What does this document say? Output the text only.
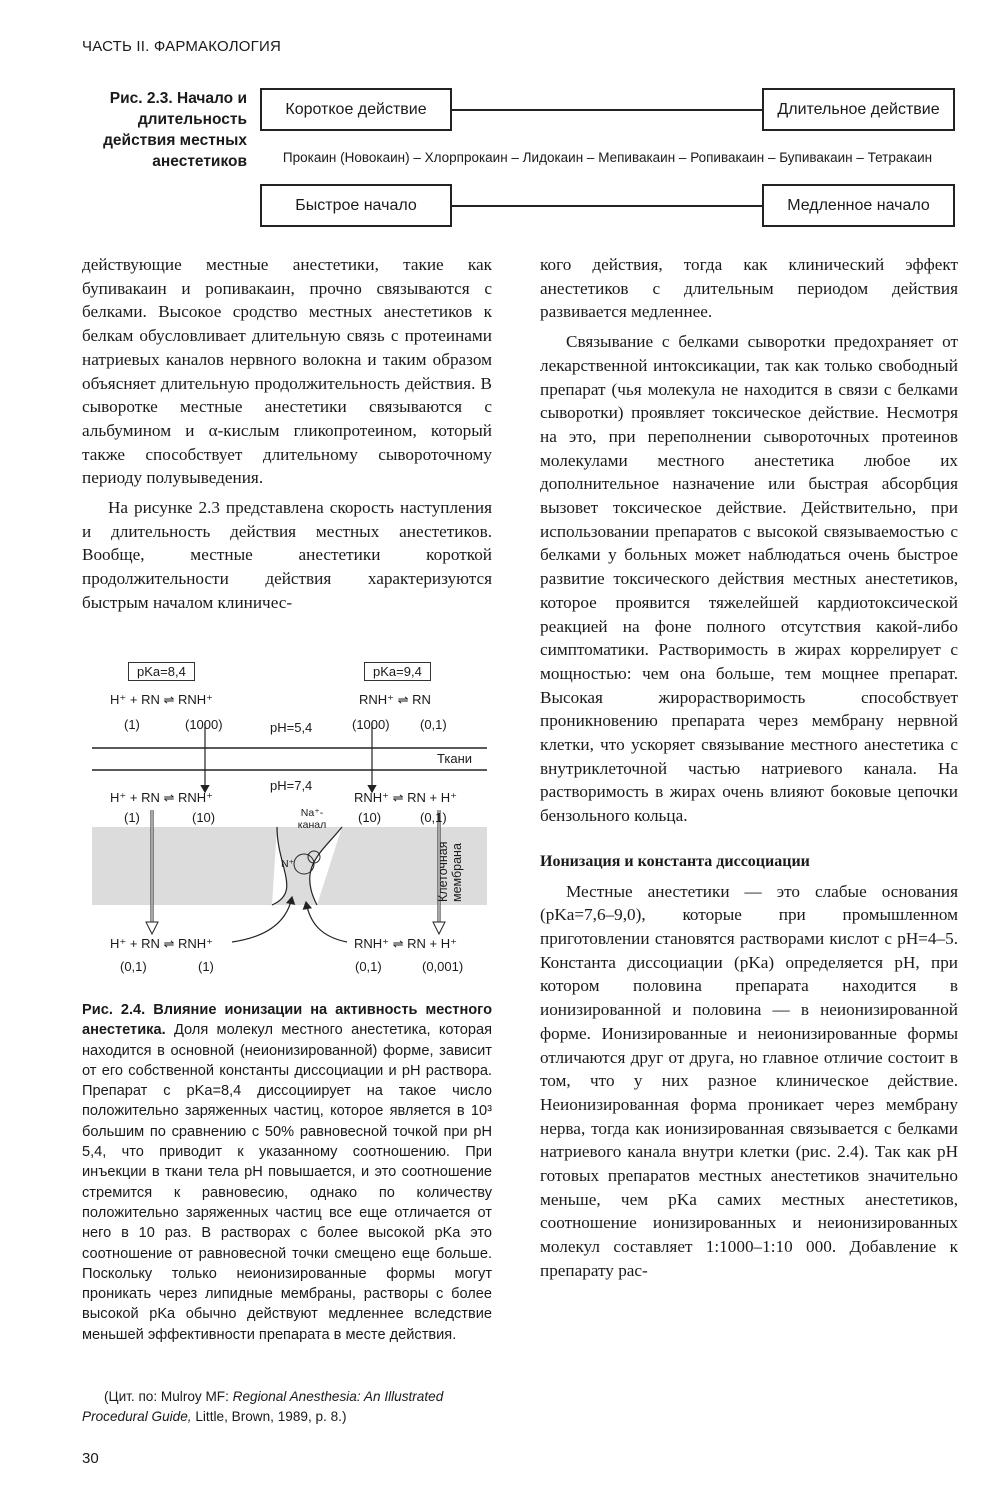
ЧАСТЬ II. ФАРМАКОЛОГИЯ
Рис. 2.3. Начало и длительность действия местных анестетиков
Короткое действие	Длительное действие
Прокаин (Новокаин) – Хлорпрокаин – Лидокаин – Мепивакаин – Ропивакаин – Бупивакаин – Тетракаин
Быстрое начало	Медленное начало

действующие местные анестетики, такие как бупивакаин и ропивакаин, прочно связываются с белками. Высокое сродство местных анестетиков к белкам обусловливает длительную связь с протеинами натриевых каналов нервного волокна и таким образом объясняет длительную продолжительность действия. В сыворотке местные анестетики связываются с альбумином и α-кислым гликопротеином, который также способствует длительному сывороточному периоду полувыведения.

На рисунке 2.3 представлена скорость наступления и длительность действия местных анестетиков. Вообще, местные анестетики короткой продолжительности действия характеризуются быстрым началом клиничес-

pKa=8,4	pKa=9,4
H⁺ + RN ⇌ RNH⁺	RNH⁺ ⇌ RN
(1)	(1000)	pH=5,4	(1000) (0,1)
Ткани
pH=7,4
H⁺ + RN ⇌ RNH⁺	RNH⁺ ⇌ RN + H⁺
(1)	(10)	Na⁺-канал	(10)	(0,1)
N⁺	Клеточная мембрана
H⁺ + RN ⇌ RNH⁺	RNH⁺ ⇌ RN + H⁺
(0,1)	(1)	(0,1)	(0,001)
Рис. 2.4. Влияние ионизации на активность местного анестетика. Доля молекул местного анестетика, которая находится в основной (неионизированной) форме, зависит от его собственной константы диссоциации и pH раствора. Препарат с pKa=8,4 диссоциирует на такое число положительно заряженных частиц, которое является в 10³ большим по сравнению с 50% равновесной точкой при pH 5,4, что приводит к указанному соотношению. При инъекции в ткани тела pH повышается, и это соотношение стремится к равновесию, однако по количеству положительно заряженных частиц все еще отличается от него в 10 раз. В растворах с более высокой pKa это соотношение от равновесной точки смещено еще больше. Поскольку только неионизированные формы могут проникать через липидные мембраны, растворы с более высокой pKa обычно действуют медленнее вследствие меньшей эффективности препарата в месте действия.
(Цит. по: Mulroy MF: Regional Anesthesia: An Illustrated Procedural Guide, Little, Brown, 1989, p. 8.)

кого действия, тогда как клинический эффект анестетиков с длительным периодом действия развивается медленнее.

Связывание с белками сыворотки предохраняет от лекарственной интоксикации, так как только свободный препарат (чья молекула не находится в связи с белками сыворотки) проявляет токсическое действие. Несмотря на это, при переполнении сывороточных протеинов молекулами местного анестетика любое их дополнительное назначение или быстрая абсорбция вызовет токсическое действие. Действительно, при использовании препаратов с высокой связываемостью с белками у больных может наблюдаться очень быстрое развитие токсического действия местных анестетиков, которое проявится тяжелейшей кардиотоксической реакцией на фоне полного отсутствия какой-либо симптоматики. Растворимость в жирах коррелирует с мощностью: чем она больше, тем мощнее препарат. Высокая жирорастворимость способствует проникновению препарата через мембрану нервной клетки, что ускоряет связывание местного анестетика с внутриклеточной частью натриевого канала. На растворимость в жирах очень влияют боковые цепочки бензольного кольца.

Ионизация и константа диссоциации

Местные анестетики — это слабые основания (pKa=7,6–9,0), которые при промышленном приготовлении становятся растворами кислот с pH=4–5. Константа диссоциации (pKa) определяется pH, при котором половина препарата находится в ионизированной и половина — в неионизированной форме. Ионизированные и неионизированные формы отличаются друг от друга, но главное отличие состоит в том, что у них разное клиническое действие. Неионизированная форма проникает через мембрану нерва, тогда как ионизированная связывается с белками натриевого канала внутри клетки (рис. 2.4). Так как pH готовых препаратов местных анестетиков значительно меньше, чем pKa самих местных анестетиков, соотношение ионизированных и неионизированных молекул составляет 1:1000–1:10 000. Добавление к препарату рас-

30
